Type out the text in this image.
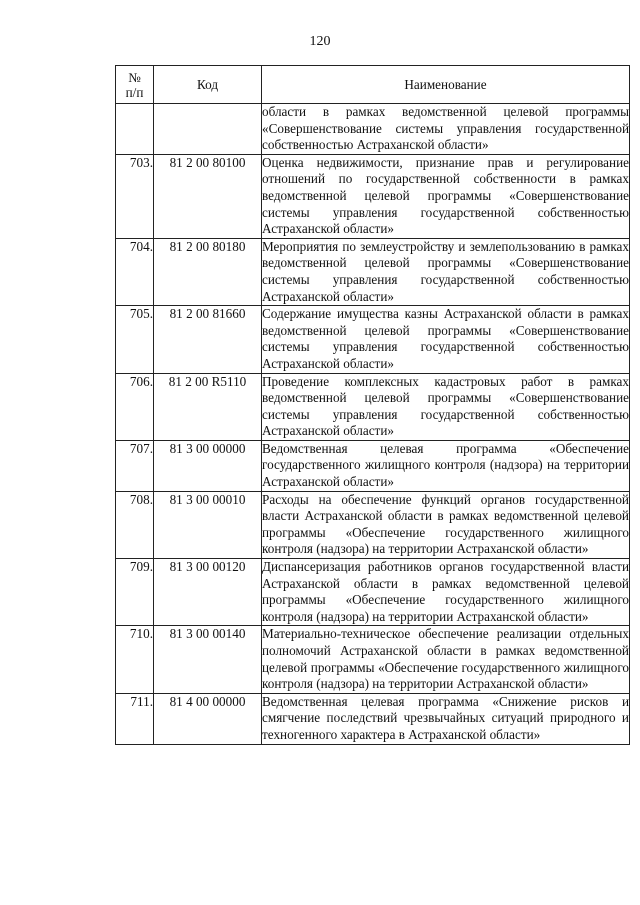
120
№
п/п	Код	Наименование
		области в рамках ведомственной целевой программы «Совершенствование системы управления государственной собственностью Астраханской области»
703.	81 2 00 80100	Оценка недвижимости, признание прав и регулирование отношений по государственной собственности в рамках ведомственной целевой программы «Совершенствование системы управления государственной собственностью Астраханской области»
704.	81 2 00 80180	Мероприятия по землеустройству и землепользованию в рамках ведомственной целевой программы «Совершенствование системы управления государственной собственностью Астраханской области»
705.	81 2 00 81660	Содержание имущества казны Астраханской области в рамках ведомственной целевой программы «Совершенствование системы управления государственной собственностью Астраханской области»
706.	81 2 00 R5110	Проведение комплексных кадастровых работ в рамках ведомственной целевой программы «Совершенствование системы управления государственной собственностью Астраханской области»
707.	81 3 00 00000	Ведомственная целевая программа «Обеспечение государственного жилищного контроля (надзора) на территории Астраханской области»
708.	81 3 00 00010	Расходы на обеспечение функций органов государственной власти Астраханской области в рамках ведомственной целевой программы «Обеспечение государственного жилищного контроля (надзора) на территории Астраханской области»
709.	81 3 00 00120	Диспансеризация работников органов государственной власти Астраханской области в рамках ведомственной целевой программы «Обеспечение государственного жилищного контроля (надзора) на территории Астраханской области»
710.	81 3 00 00140	Материально-техническое обеспечение реализации отдельных полномочий Астраханской области в рамках ведомственной целевой программы «Обеспечение государственного жилищного контроля (надзора) на территории Астраханской области»
711.	81 4 00 00000	Ведомственная целевая программа «Снижение рисков и смягчение последствий чрезвычайных ситуаций природного и техногенного характера в Астраханской области»
